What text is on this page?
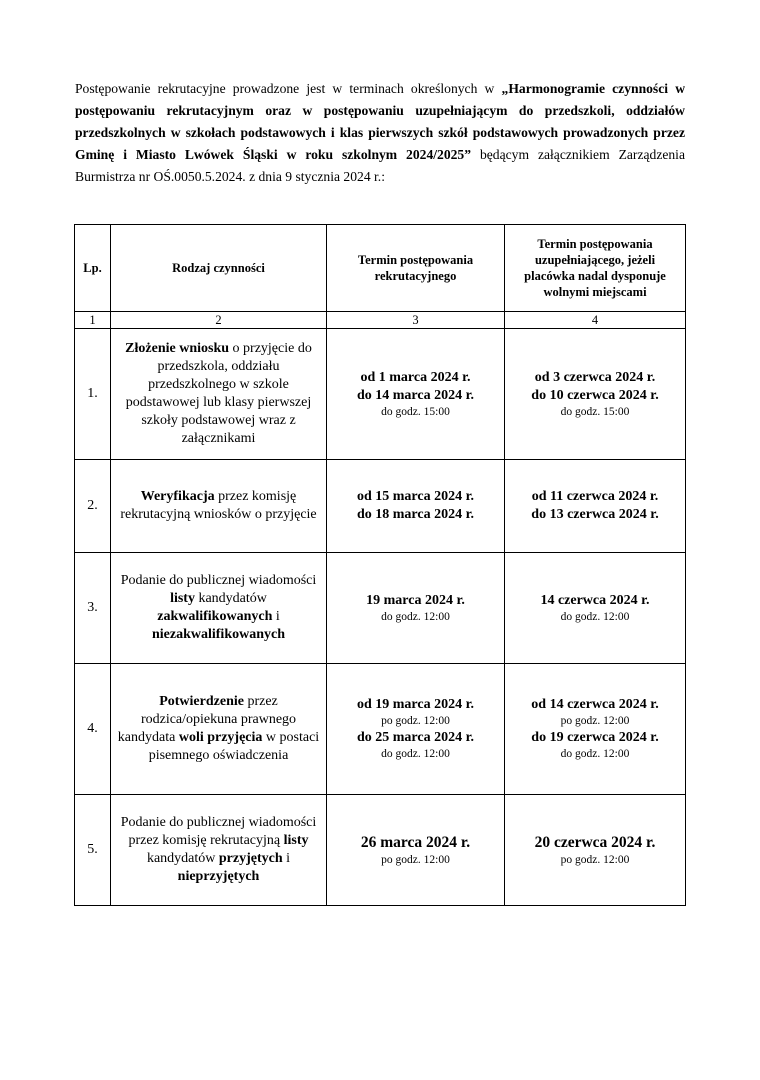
Postępowanie rekrutacyjne prowadzone jest w terminach określonych w „Harmonogramie czynności w postępowaniu rekrutacyjnym oraz w postępowaniu uzupełniającym do przedszkoli, oddziałów przedszkolnych w szkołach podstawowych i klas pierwszych szkół podstawowych prowadzonych przez Gminę i Miasto Lwówek Śląski w roku szkolnym 2024/2025” będącym załącznikiem Zarządzenia Burmistrza nr OŚ.0050.5.2024. z dnia 9 stycznia 2024 r.:
Lp.	Rodzaj czynności	Termin postępowania rekrutacyjnego	Termin postępowania uzupełniającego, jeżeli placówka nadal dysponuje wolnymi miejscami
1	2	3	4
1.	Złożenie wniosku o przyjęcie do przedszkola, oddziału przedszkolnego w szkole podstawowej lub klasy pierwszej szkoły podstawowej wraz z załącznikami	od 1 marca 2024 r.
do 14 marca 2024 r.
do godz. 15:00	od 3 czerwca 2024 r.
do 10 czerwca 2024 r.
do godz. 15:00

2.	Weryfikacja przez komisję rekrutacyjną wniosków o przyjęcie	od 15 marca 2024 r.
do 18 marca 2024 r.	od 11 czerwca 2024 r.
do 13 czerwca 2024 r.

3.	Podanie do publicznej wiadomości listy kandydatów zakwalifikowanych i niezakwalifikowanych	19 marca 2024 r.
do godz. 12:00	14 czerwca 2024 r.
do godz. 12:00

4.	Potwierdzenie przez rodzica/opiekuna prawnego kandydata woli przyjęcia w postaci pisemnego oświadczenia	od 19 marca 2024 r.
po godz. 12:00
do 25 marca 2024 r.
do godz. 12:00	od 14 czerwca 2024 r.
po godz. 12:00
do 19 czerwca 2024 r.
do godz. 12:00

5.	Podanie do publicznej wiadomości przez komisję rekrutacyjną listy kandydatów przyjętych i nieprzyjętych	26 marca 2024 r.
po godz. 12:00	20 czerwca 2024 r.
po godz. 12:00
